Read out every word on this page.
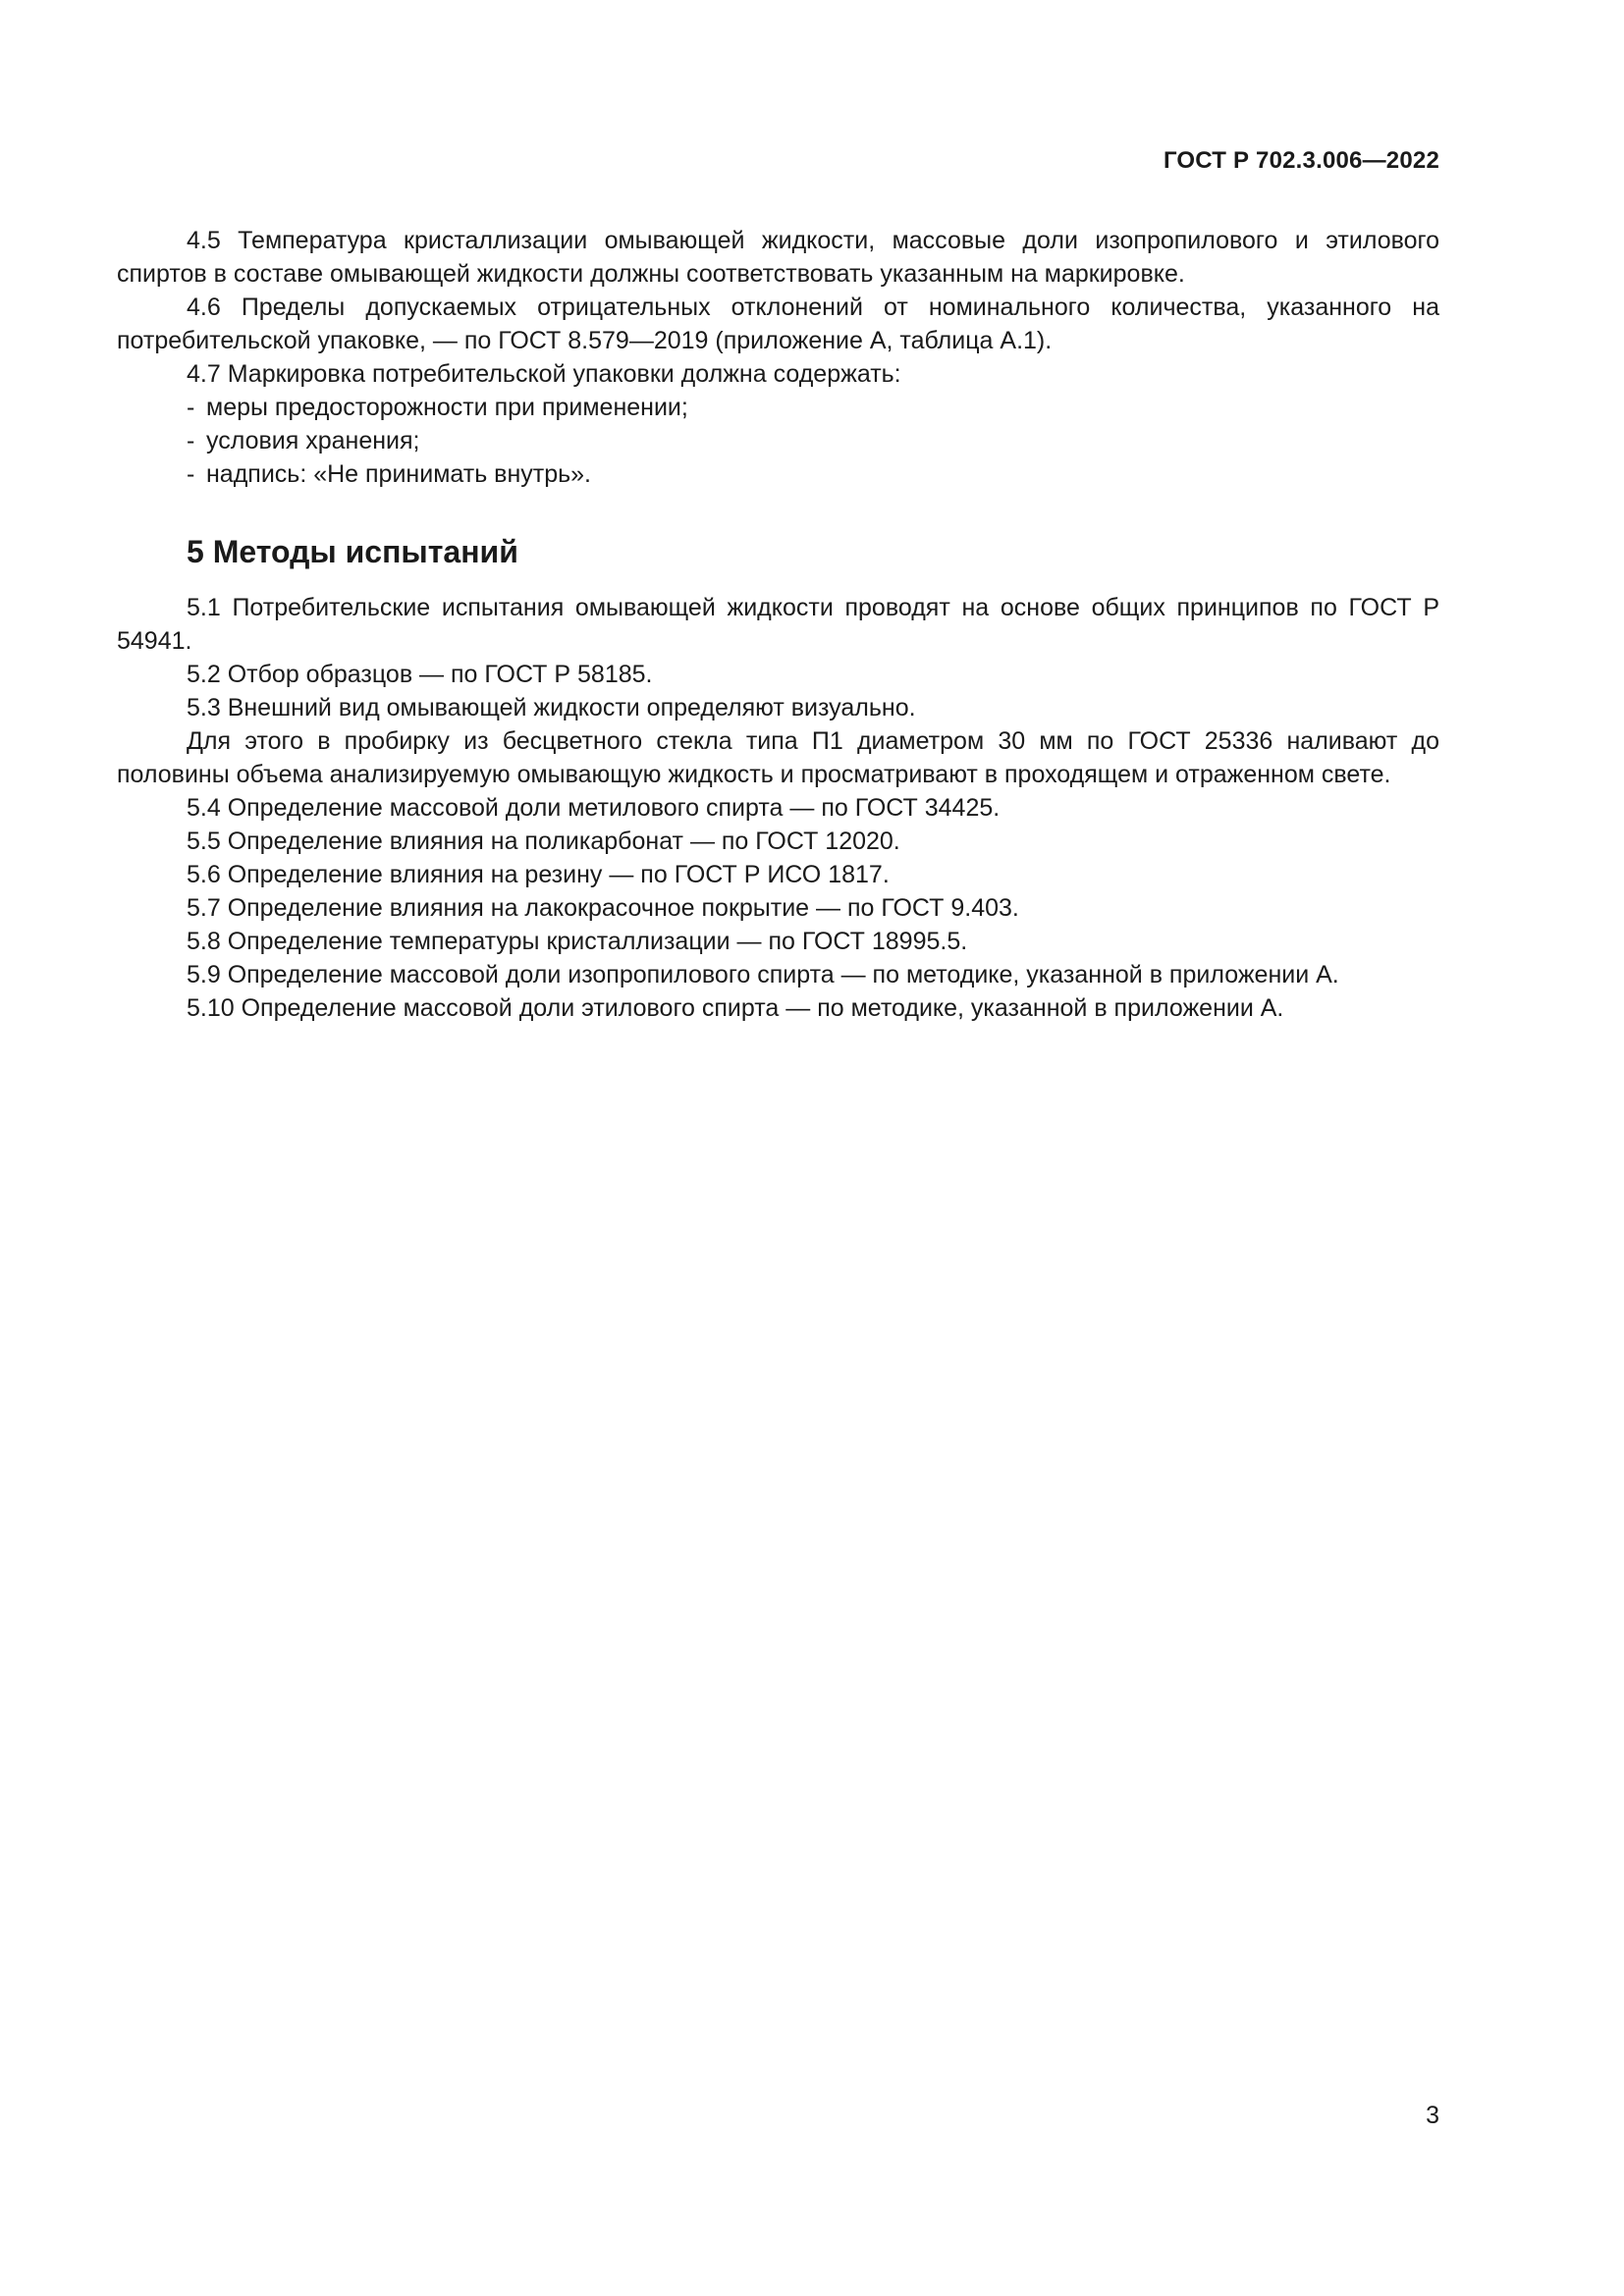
ГОСТ Р 702.3.006—2022

4.5 Температура кристаллизации омывающей жидкости, массовые доли изопропилового и этилового спиртов в составе омывающей жидкости должны соответствовать указанным на маркировке.

4.6 Пределы допускаемых отрицательных отклонений от номинального количества, указанного на потребительской упаковке, — по ГОСТ 8.579—2019 (приложение А, таблица А.1).

4.7 Маркировка потребительской упаковки должна содержать:

- меры предосторожности при применении;

- условия хранения;

- надпись: «Не принимать внутрь».

5 Методы испытаний

5.1 Потребительские испытания омывающей жидкости проводят на основе общих принципов по ГОСТ Р 54941.

5.2 Отбор образцов — по ГОСТ Р 58185.

5.3 Внешний вид омывающей жидкости определяют визуально.

Для этого в пробирку из бесцветного стекла типа П1 диаметром 30 мм по ГОСТ 25336 наливают до половины объема анализируемую омывающую жидкость и просматривают в проходящем и отраженном свете.

5.4 Определение массовой доли метилового спирта — по ГОСТ 34425.

5.5 Определение влияния на поликарбонат — по ГОСТ 12020.

5.6 Определение влияния на резину — по ГОСТ Р ИСО 1817.

5.7 Определение влияния на лакокрасочное покрытие — по ГОСТ 9.403.

5.8 Определение температуры кристаллизации — по ГОСТ 18995.5.

5.9 Определение массовой доли изопропилового спирта — по методике, указанной в приложении А.

5.10 Определение массовой доли этилового спирта — по методике, указанной в приложении А.

3
